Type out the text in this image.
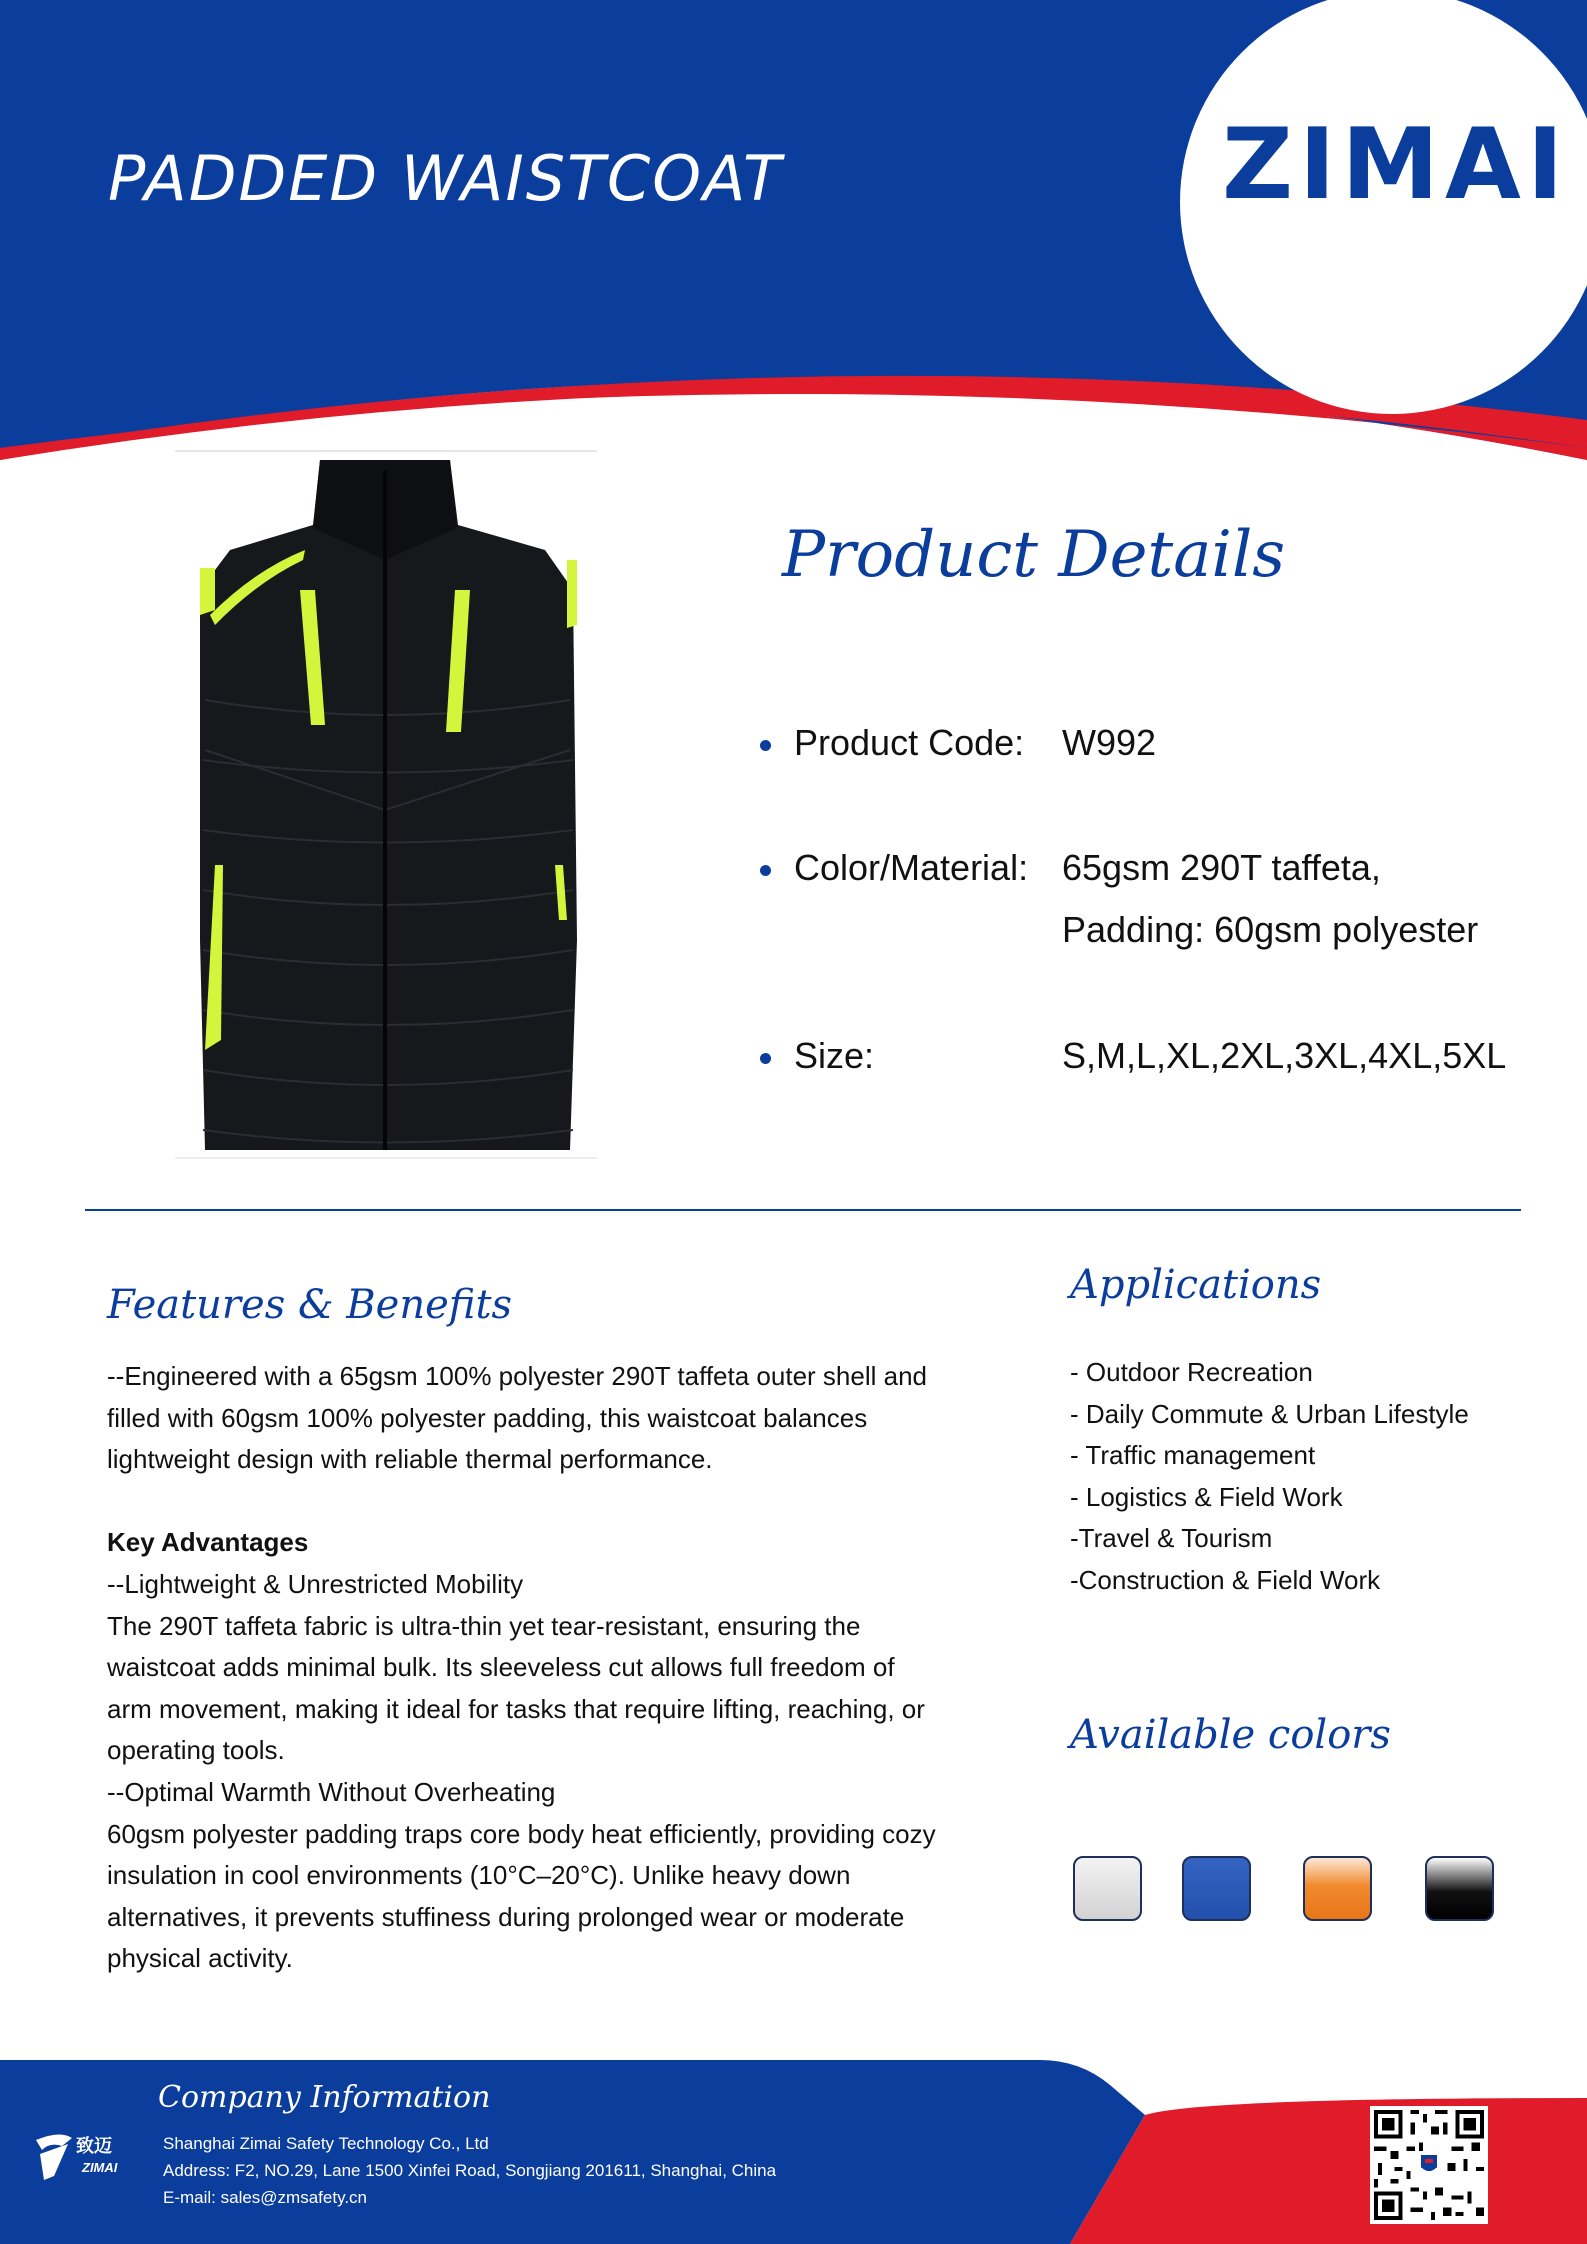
PADDED WAISTCOAT	ZIMAI
Product Details
Product Code: W992
Color/Material: 65gsm 290T taffeta,
Padding: 60gsm polyester
Size:	S,M,L,XL,2XL,3XL,4XL,5XL
Features & Benefits

--Engineered with a 65gsm 100% polyester 290T taffeta outer shell and filled with 60gsm 100% polyester padding, this waistcoat balances lightweight design with reliable thermal performance.

Key Advantages

--Lightweight & Unrestricted Mobility

The 290T taffeta fabric is ultra-thin yet tear-resistant, ensuring the waistcoat adds minimal bulk. Its sleeveless cut allows full freedom of arm movement, making it ideal for tasks that require lifting, reaching, or operating tools.

--Optimal Warmth Without Overheating

60gsm polyester padding traps core body heat efficiently, providing cozy insulation in cool environments (10°C–20°C). Unlike heavy down alternatives, it prevents stuffiness during prolonged wear or moderate physical activity.

Applications
- Outdoor Recreation
- Daily Commute & Urban Lifestyle
- Traffic management
- Logistics & Field Work
-Travel & Tourism
-Construction & Field Work
Available colors
Company Information
Shanghai Zimai Safety Technology Co., Ltd
Address: F2, NO.29, Lane 1500 Xinfei Road, Songjiang 201611, Shanghai, China
E-mail: sales@zmsafety.cn
致迈
ZIMAI
